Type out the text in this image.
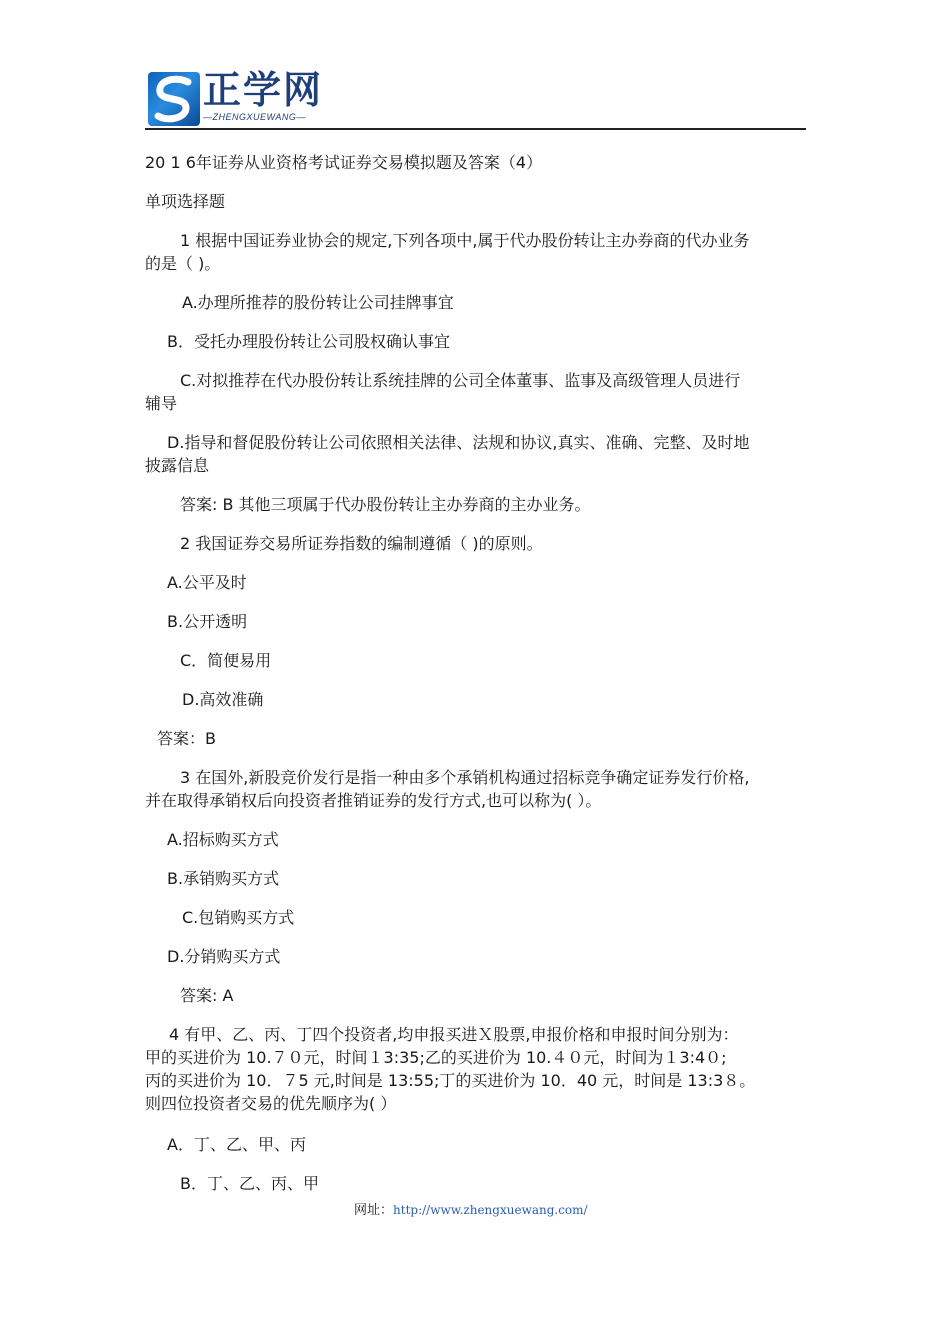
正学网
—ZHENGXUEWANG—
20 1 6年证券从业资格考试证券交易模拟题及答案（4）
单项选择题
1 根据中国证券业协会的规定,下列各项中,属于代办股份转让主办券商的代办业务
的是（ )。
A.办理所推荐的股份转让公司挂牌事宜
B．受托办理股份转让公司股权确认事宜
C.对拟推荐在代办股份转让系统挂牌的公司全体董事、监事及高级管理人员进行
辅导
D.指导和督促股份转让公司依照相关法律、法规和协议,真实、准确、完整、及时地
披露信息
答案: B 其他三项属于代办股份转让主办券商的主办业务。
2 我国证券交易所证券指数的编制遵循（ )的原则。
A.公平及时
B.公开透明
C．简便易用
D.高效准确
答案：B
3 在国外,新股竞价发行是指一种由多个承销机构通过招标竞争确定证券发行价格,
并在取得承销权后向投资者推销证券的发行方式,也可以称为( ）。
A.招标购买方式
B.承销购买方式
C.包销购买方式
D.分销购买方式
答案: A
4 有甲、乙、丙、丁四个投资者,均申报买进Ｘ股票,申报价格和申报时间分别为：
甲的买进价为 10.７０元，时间１3:35;乙的买进价为 10.４０元，时间为１3:4０;
丙的买进价为 10．７5 元,时间是 13:55;丁的买进价为 10．40 元，时间是 13:3８。
则四位投资者交易的优先顺序为( ）
A．丁、乙、甲、丙
B．丁、乙、丙、甲
网址：http://www.zhengxuewang.com/
